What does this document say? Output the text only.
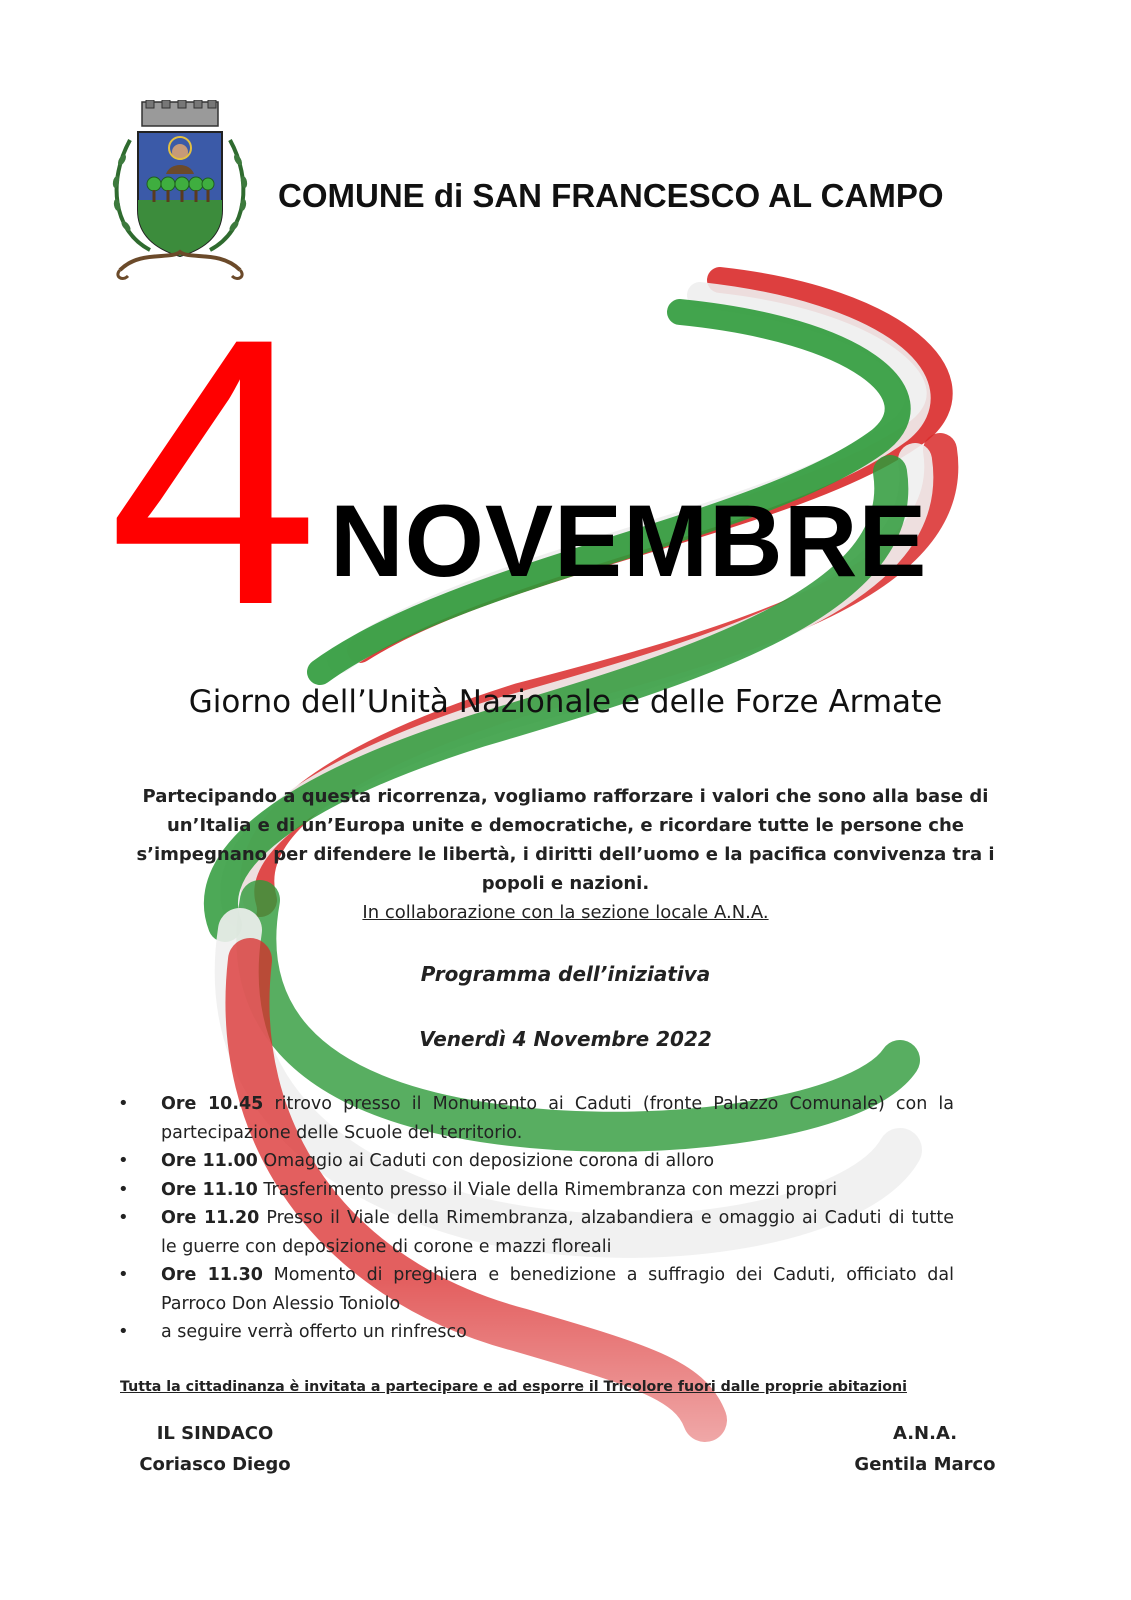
COMUNE di SAN FRANCESCO AL CAMPO
4 NOVEMBRE
Giorno dell’Unità Nazionale e delle Forze Armate
Partecipando a questa ricorrenza, vogliamo rafforzare i valori che sono alla base di un’Italia e di un’Europa unite e democratiche, e ricordare tutte le persone che s’impegnano per difendere le libertà, i diritti dell’uomo e la pacifica convivenza tra i popoli e nazioni.
In collaborazione con la sezione locale A.N.A.
Programma dell’iniziativa
Venerdì 4 Novembre 2022
• Ore 10.45 ritrovo presso il Monumento ai Caduti (fronte Palazzo Comunale) con la partecipazione delle Scuole del territorio.
• Ore 11.00 Omaggio ai Caduti con deposizione corona di alloro
• Ore 11.10 Trasferimento presso il Viale della Rimembranza con mezzi propri
• Ore 11.20 Presso il Viale della Rimembranza, alzabandiera e omaggio ai Caduti di tutte le guerre con deposizione di corone e mazzi floreali
• Ore 11.30 Momento di preghiera e benedizione a suffragio dei Caduti, officiato dal Parroco Don Alessio Toniolo
• a seguire verrà offerto un rinfresco
Tutta la cittadinanza è invitata a partecipare e ad esporre il Tricolore fuori dalle proprie abitazioni
IL SINDACO
Coriasco Diego
A.N.A.
Gentila Marco
